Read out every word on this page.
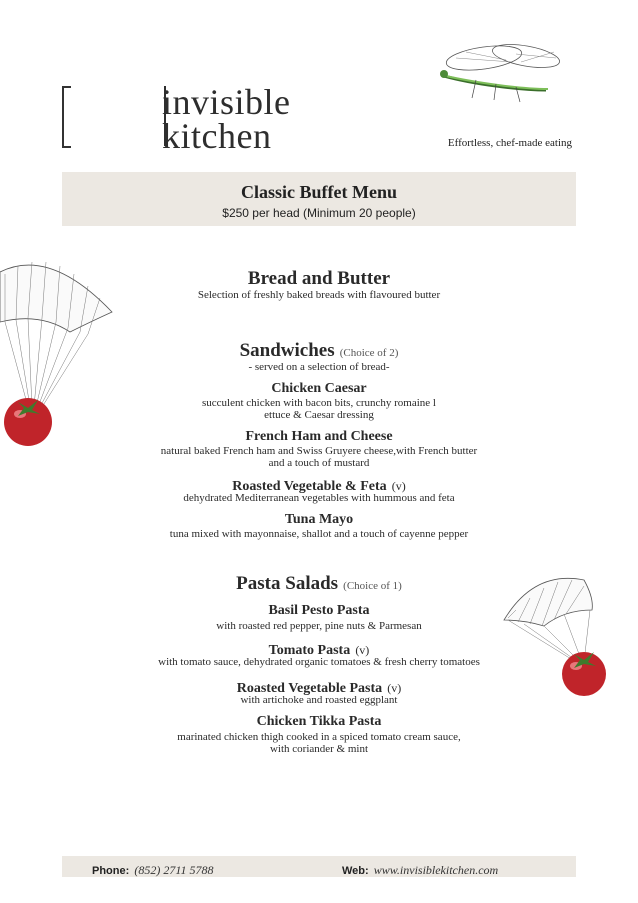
invisible
kitchen	Effortless, chef-made eating
Classic Buffet Menu
$250 per head (Minimum 20 people)
Bread and Butter
Selection of freshly baked breads with flavoured butter
Sandwiches (Choice of 2)
- served on a selection of bread-
Chicken Caesar
succulent chicken with bacon bits, crunchy romaine l
ettuce & Caesar dressing
French Ham and Cheese
natural baked French ham and Swiss Gruyere cheese,with French butter
and a touch of mustard
Roasted Vegetable & Feta (v)
dehydrated Mediterranean vegetables with hummous and feta
Tuna Mayo
tuna mixed with mayonnaise, shallot and a touch of cayenne pepper
Pasta Salads (Choice of 1)
Basil Pesto Pasta
with roasted red pepper, pine nuts & Parmesan
Tomato Pasta (v)
with tomato sauce, dehydrated organic tomatoes & fresh cherry tomatoes
Roasted Vegetable Pasta (v)
with artichoke and roasted eggplant
Chicken Tikka Pasta
marinated chicken thigh cooked in a spiced tomato cream sauce,
with coriander & mint
Phone: (852) 2711 5788	Web: www.invisiblekitchen.com
